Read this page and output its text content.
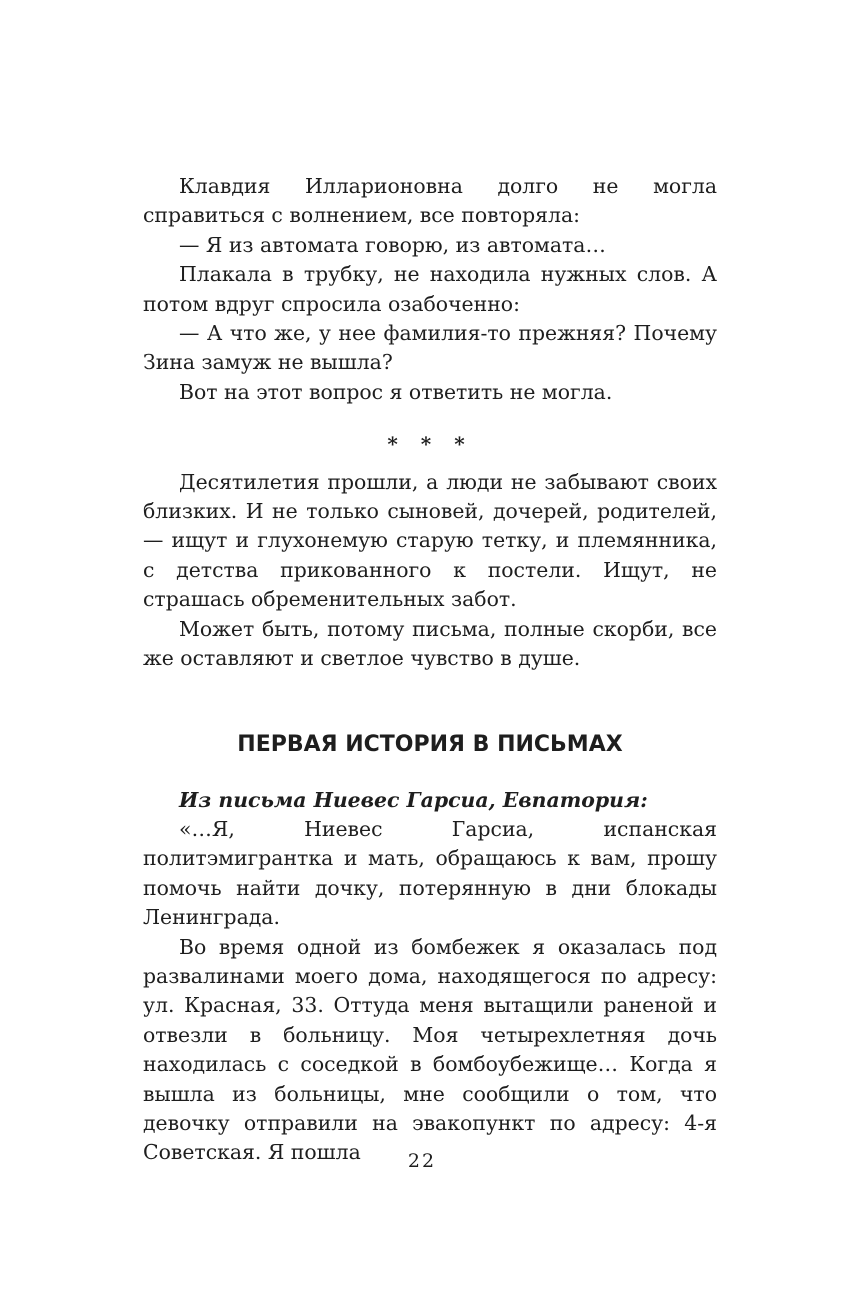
Клавдия Илларионовна долго не могла справиться с волнением, все повторяла:

— Я из автомата говорю, из автомата…

Плакала в трубку, не находила нужных слов. А потом вдруг спросила озабоченно:

— А что же, у нее фамилия-то прежняя? Почему Зина замуж не вышла?

Вот на этот вопрос я ответить не могла.

* * *

Десятилетия прошли, а люди не забывают своих близких. И не только сыновей, дочерей, родителей, — ищут и глухонемую старую тетку, и племянника, с детства прикованного к постели. Ищут, не страшась обременительных забот.

Может быть, потому письма, полные скорби, все же оставляют и светлое чувство в душе.

ПЕРВАЯ ИСТОРИЯ В ПИСЬМАХ

Из письма Ниевес Гарсиа, Евпатория:

«…Я, Ниевес Гарсиа, испанская политэмигрантка и мать, обращаюсь к вам, прошу помочь найти дочку, потерянную в дни блокады Ленинграда.

Во время одной из бомбежек я оказалась под развалинами моего дома, находящегося по адресу: ул. Красная, 33. Оттуда меня вытащили раненой и отвезли в больницу. Моя четырехлетняя дочь находилась с соседкой в бомбоубежище… Когда я вышла из больницы, мне сообщили о том, что девочку отправили на эвакопункт по адресу: 4-я Советская. Я пошла	22
